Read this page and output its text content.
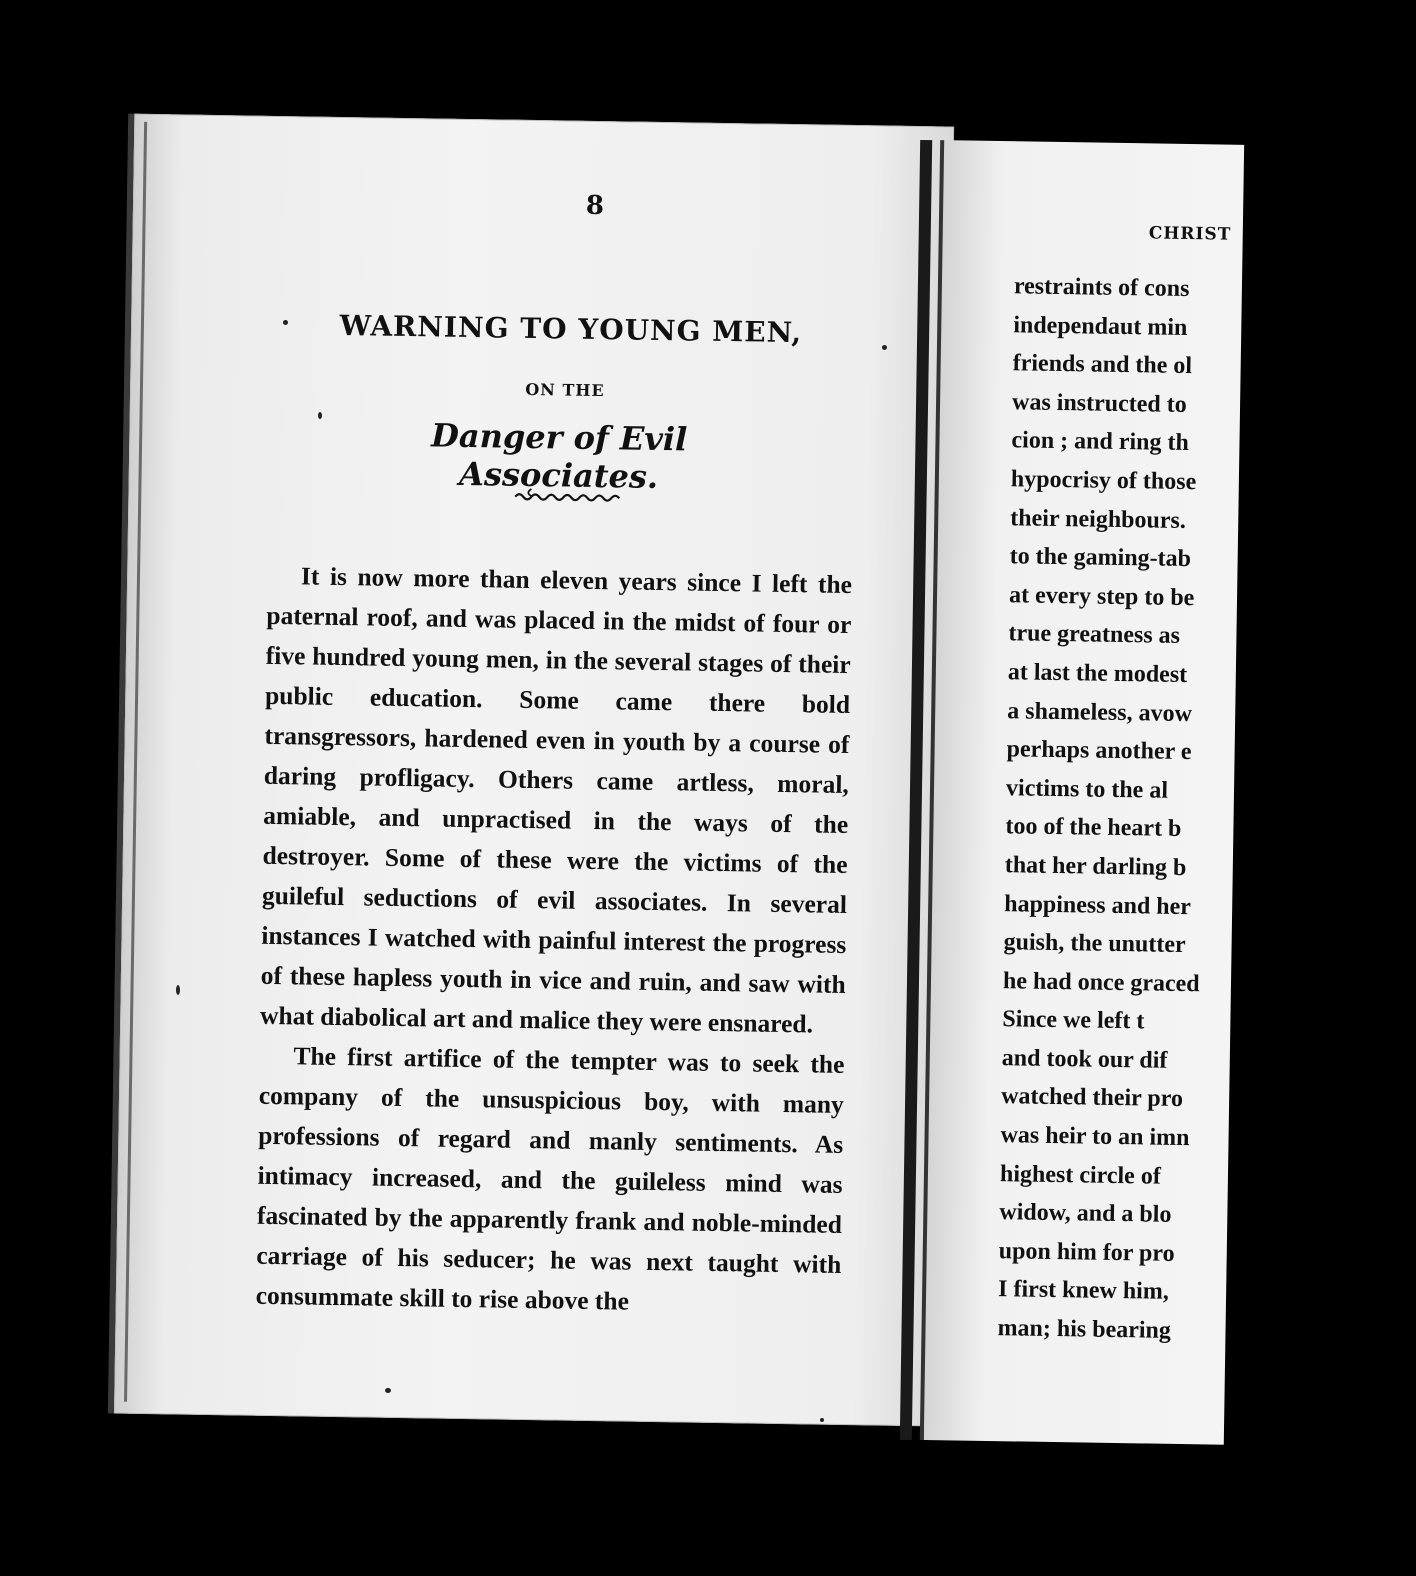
8
WARNING TO YOUNG MEN,
ON THE
Danger of Evil Associates.

It is now more than eleven years since I left the paternal roof, and was placed in the midst of four or five hundred young men, in the several stages of their public education. Some came there bold transgressors, hardened even in youth by a course of daring profligacy. Others came artless, moral, amiable, and unpractised in the ways of the destroyer. Some of these were the victims of the guileful seductions of evil associates. In several instances I watched with painful interest the progress of these hapless youth in vice and ruin, and saw with what diabolical art and malice they were ensnared.

The first artifice of the tempter was to seek the company of the unsuspicious boy, with many professions of regard and manly sentiments. As intimacy increased, and the guileless mind was fascinated by the apparently frank and noble-minded carriage of his seducer; he was next taught with consummate skill to rise above the

CHRIST
restraints of cons
independaut min
friends and the ol
was instructed to
cion ; and ring th
hypocrisy of those
their neighbours.
to the gaming-tab
at every step to be
true greatness as
at last the modest
a shameless, avow
perhaps another e
victims to the al
too of the heart b
that her darling b
happiness and her
guish, the unutter
he had once graced
Since we left t
and took our dif
watched their pro
was heir to an imn
highest circle of
widow, and a blo
upon him for pro
I first knew him,
man; his bearing
